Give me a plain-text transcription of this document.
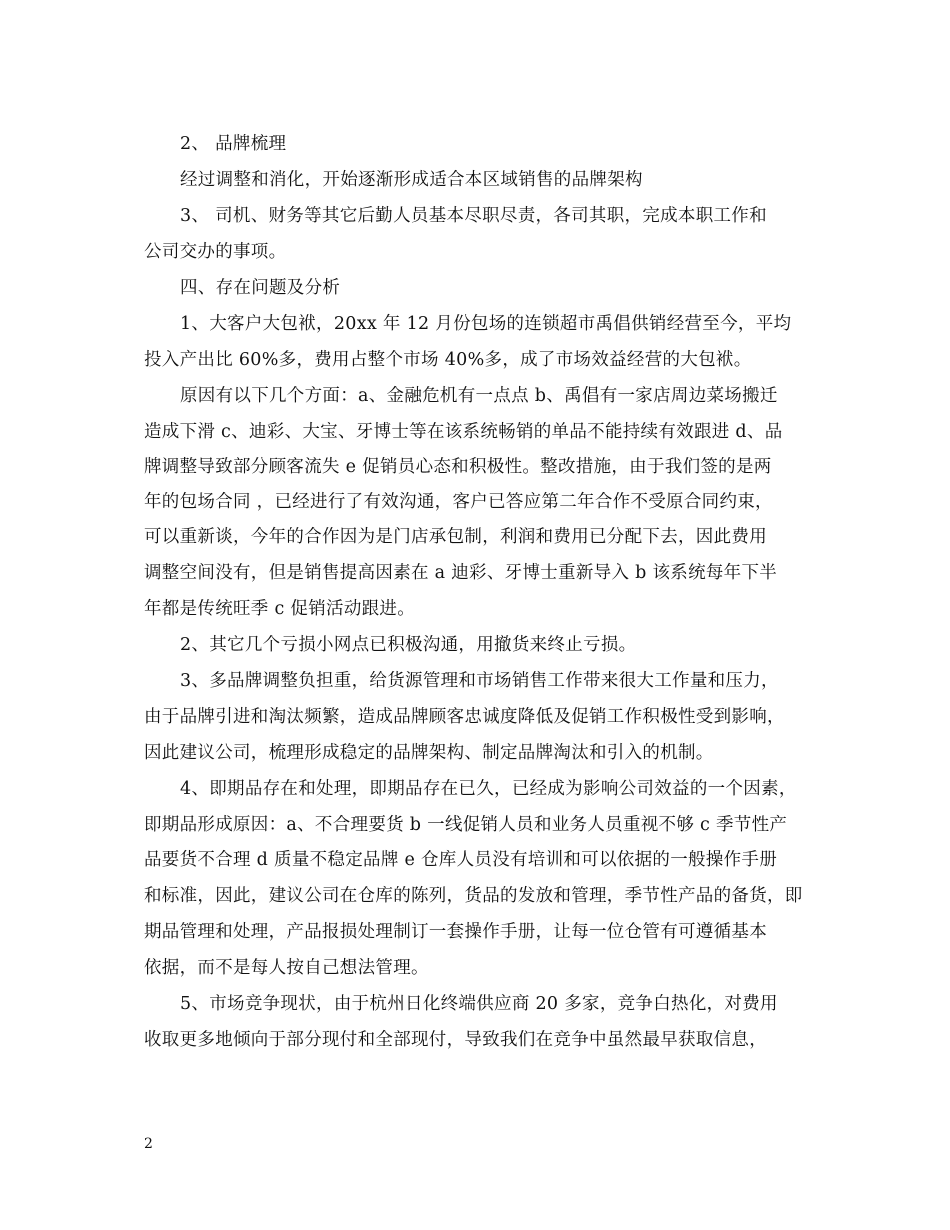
2、 品牌梳理
经过调整和消化，开始逐渐形成适合本区域销售的品牌架构
3、 司机、财务等其它后勤人员基本尽职尽责，各司其职，完成本职工作和
公司交办的事项。
四、存在问题及分析
1、大客户大包袱，20xx 年 12 月份包场的连锁超市禹倡供销经营至今，平均
投入产出比 60%多，费用占整个市场 40%多，成了市场效益经营的大包袱。
原因有以下几个方面：a、金融危机有一点点 b、禹倡有一家店周边菜场搬迁
造成下滑 c、迪彩、大宝、牙博士等在该系统畅销的单品不能持续有效跟进 d、品
牌调整导致部分顾客流失 e 促销员心态和积极性。整改措施，由于我们签的是两
年的包场合同 ，已经进行了有效沟通，客户已答应第二年合作不受原合同约束，
可以重新谈，今年的合作因为是门店承包制，利润和费用已分配下去，因此费用
调整空间没有，但是销售提高因素在 a 迪彩、牙博士重新导入 b 该系统每年下半
年都是传统旺季 c 促销活动跟进。
2、其它几个亏损小网点已积极沟通，用撤货来终止亏损。
3、多品牌调整负担重，给货源管理和市场销售工作带来很大工作量和压力，
由于品牌引进和淘汰频繁，造成品牌顾客忠诚度降低及促销工作积极性受到影响，
因此建议公司，梳理形成稳定的品牌架构、制定品牌淘汰和引入的机制。
4、即期品存在和处理，即期品存在已久，已经成为影响公司效益的一个因素，
即期品形成原因：a、不合理要货 b 一线促销人员和业务人员重视不够 c 季节性产
品要货不合理 d 质量不稳定品牌 e 仓库人员没有培训和可以依据的一般操作手册
和标准，因此，建议公司在仓库的陈列，货品的发放和管理，季节性产品的备货，即
期品管理和处理，产品报损处理制订一套操作手册，让每一位仓管有可遵循基本
依据，而不是每人按自己想法管理。
5、市场竞争现状，由于杭州日化终端供应商 20 多家，竞争白热化，对费用
收取更多地倾向于部分现付和全部现付，导致我们在竞争中虽然最早获取信息，
2
